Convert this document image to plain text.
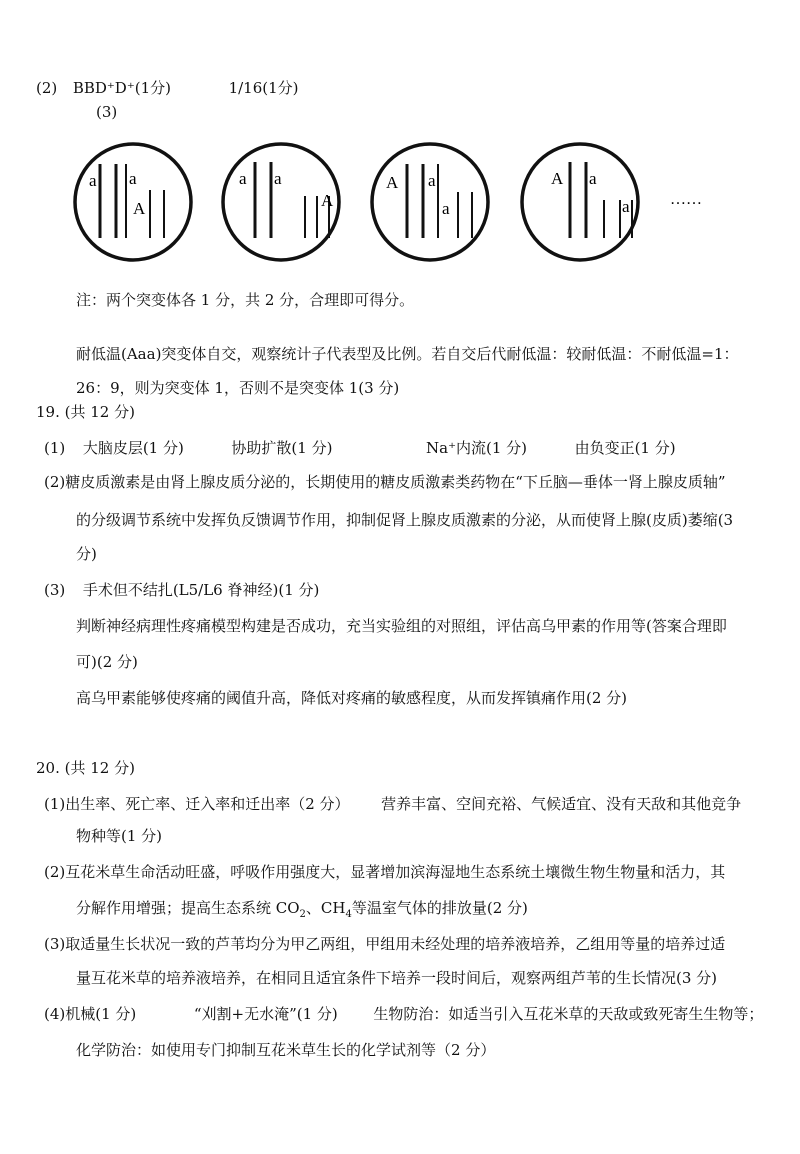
(2) BBD⁺D⁺(1分)	1/16(1分)
(3)
a a
A
a a
A
A a
a
A a
a	……
注：两个突变体各 1 分，共 2 分，合理即可得分。
耐低温(Aaa)突变体自交，观察统计子代表型及比例。若自交后代耐低温：较耐低温：不耐低温=1：
26：9，则为突变体 1，否则不是突变体 1(3 分)
19. (共 12 分)
(1) 大脑皮层(1 分)	协助扩散(1 分)	Na⁺内流(1 分)	由负变正(1 分)
(2)糖皮质激素是由肾上腺皮质分泌的，长期使用的糖皮质激素类药物在“下丘脑—垂体一肾上腺皮质轴”
的分级调节系统中发挥负反馈调节作用，抑制促肾上腺皮质激素的分泌，从而使肾上腺(皮质)萎缩(3
分)
(3) 手术但不结扎(L5/L6 脊神经)(1 分)
判断神经病理性疼痛模型构建是否成功，充当实验组的对照组，评估高乌甲素的作用等(答案合理即
可)(2 分)
高乌甲素能够使疼痛的阈值升高，降低对疼痛的敏感程度，从而发挥镇痛作用(2 分)
20. (共 12 分)
(1)出生率、死亡率、迁入率和迁出率（2 分） 营养丰富、空间充裕、气候适宜、没有天敌和其他竞争
物种等(1 分)
(2)互花米草生命活动旺盛，呼吸作用强度大，显著增加滨海湿地生态系统土壤微生物生物量和活力，其
分解作用增强；提高生态系统 $CO_2$、$CH_4$等温室气体的排放量(2 分)
(3)取适量生长状况一致的芦苇均分为甲乙两组，甲组用未经处理的培养液培养，乙组用等量的培养过适
量互花米草的培养液培养，在相同且适宜条件下培养一段时间后，观察两组芦苇的生长情况(3 分)
(4)机械(1 分)	“刈割+无水淹”(1 分) 生物防治：如适当引入互花米草的天敌或致死寄生生物等；
化学防治：如使用专门抑制互花米草生长的化学试剂等（2 分）
